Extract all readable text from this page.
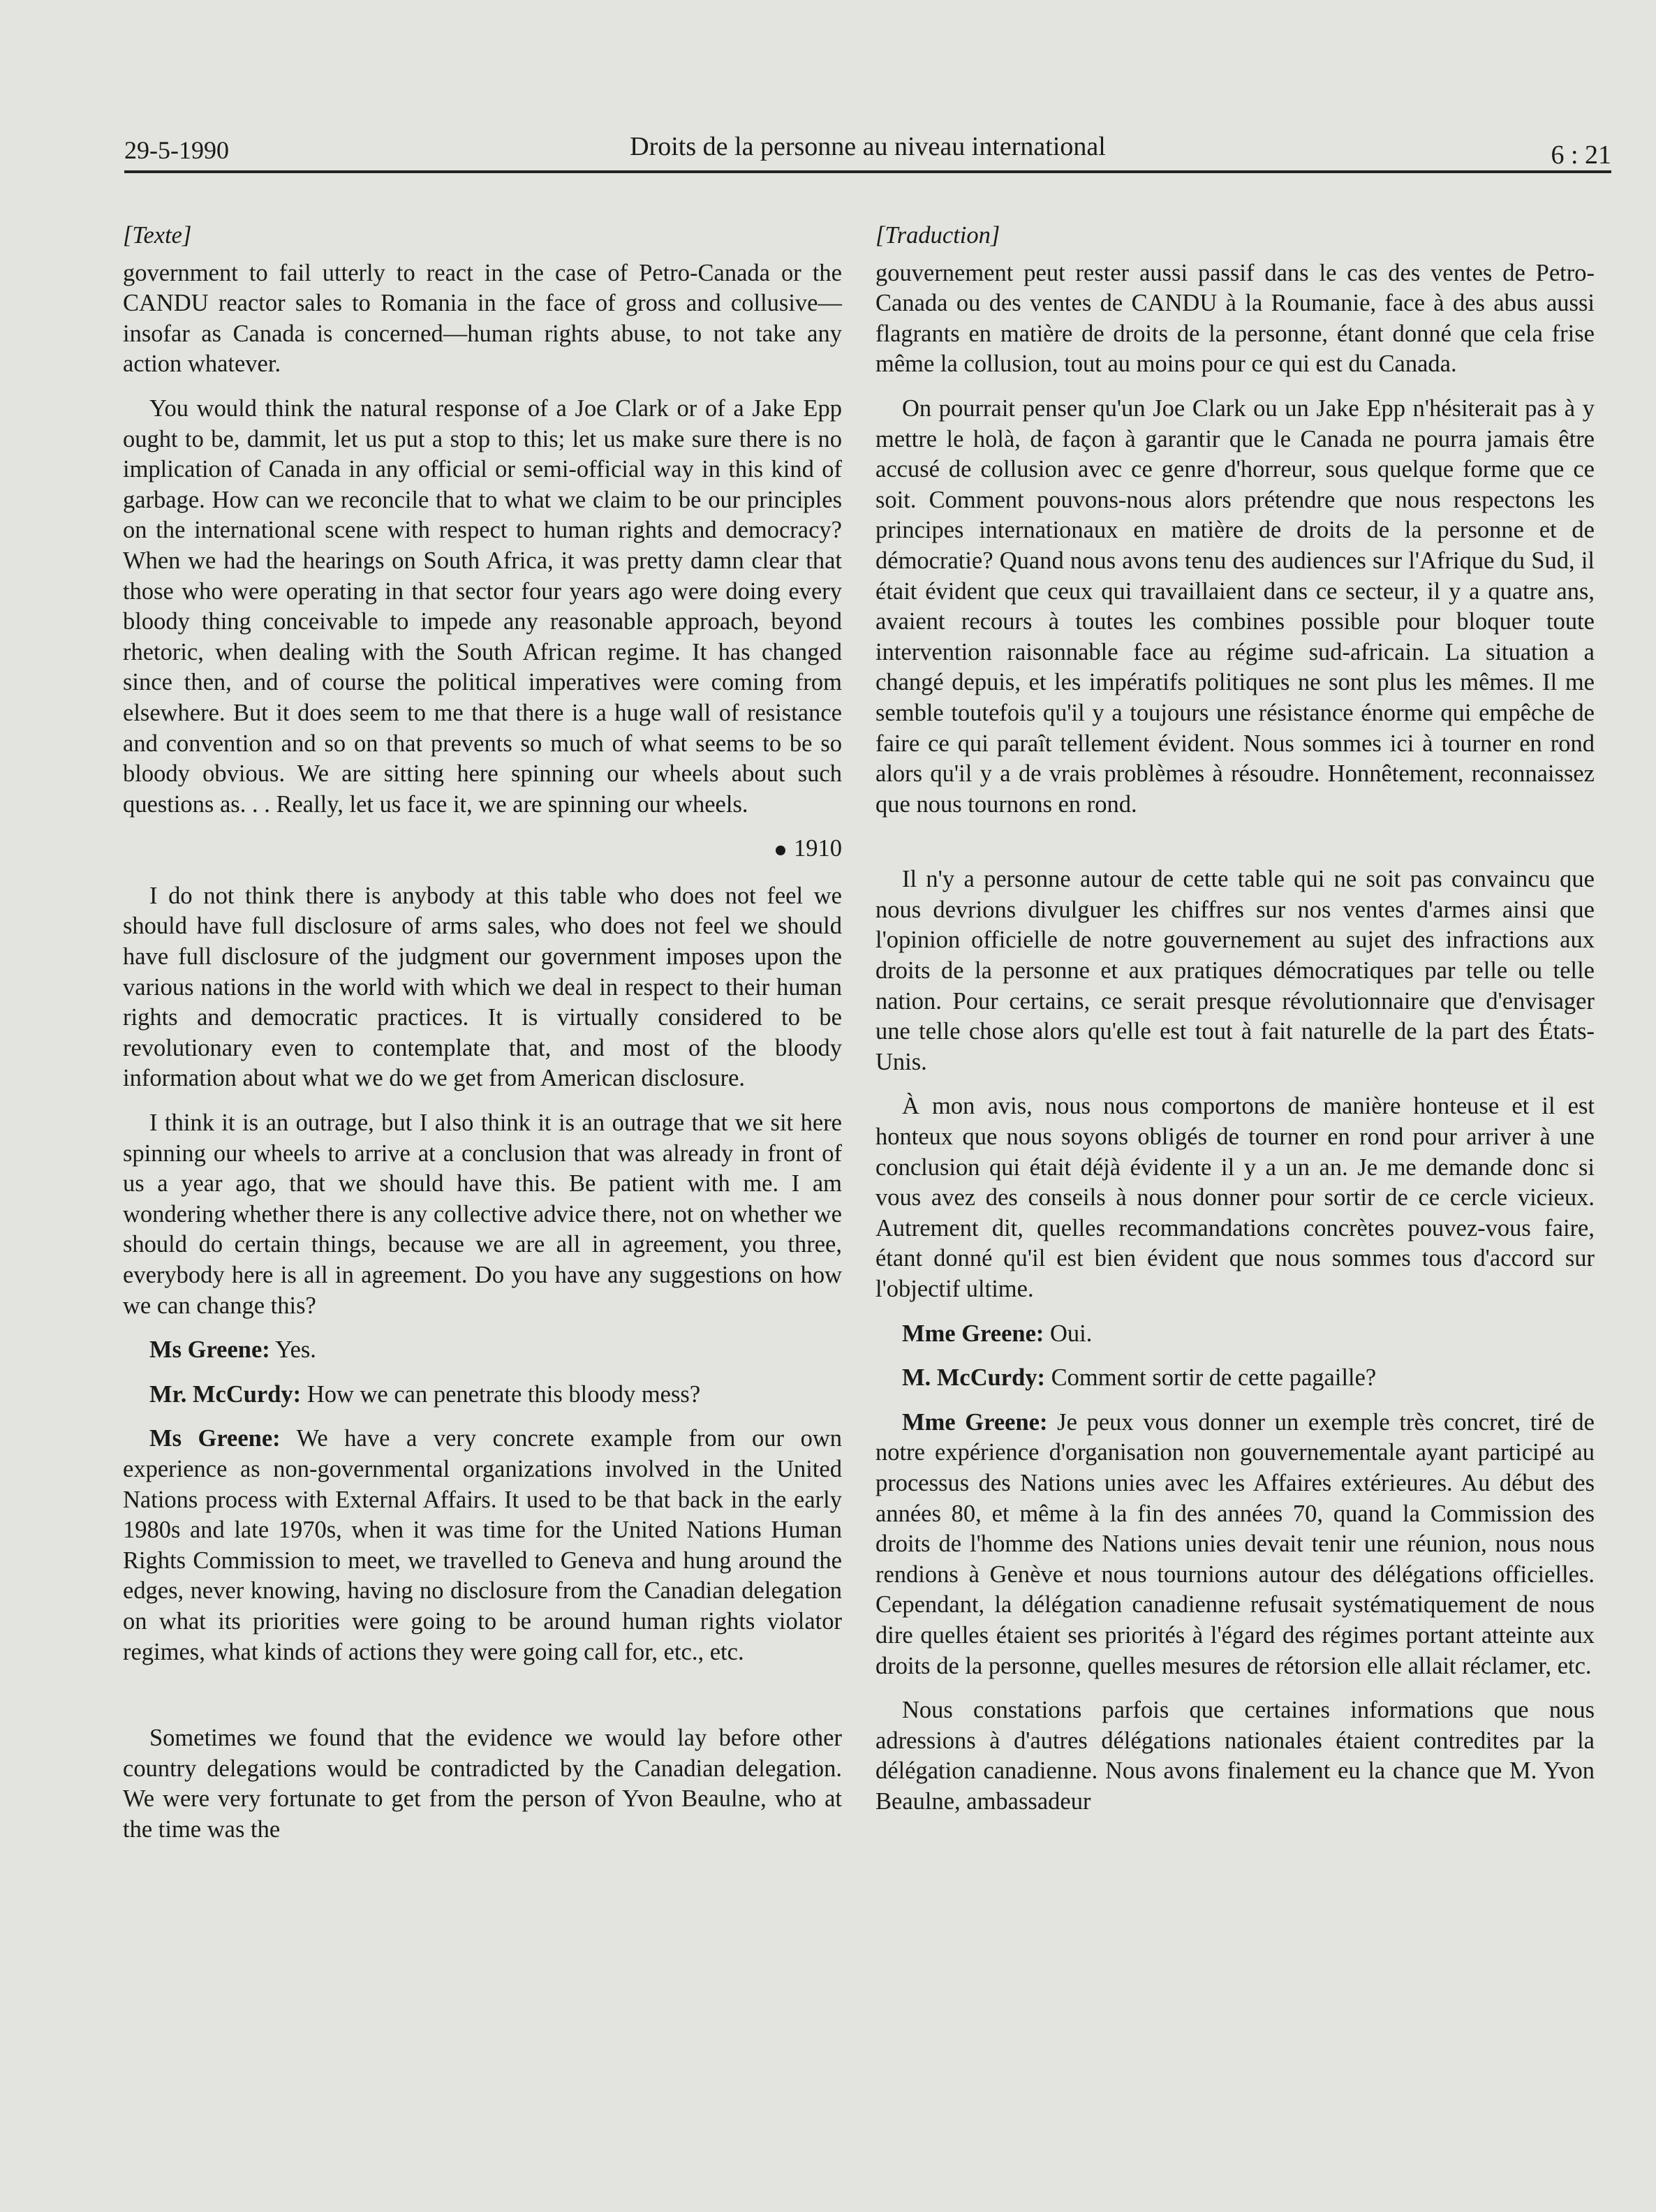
29-5-1990	Droits de la personne au niveau international	6 : 21
[Texte]

government to fail utterly to react in the case of Petro-Canada or the CANDU reactor sales to Romania in the face of gross and collusive—insofar as Canada is concerned—human rights abuse, to not take any action whatever.

You would think the natural response of a Joe Clark or of a Jake Epp ought to be, dammit, let us put a stop to this; let us make sure there is no implication of Canada in any official or semi-official way in this kind of garbage. How can we reconcile that to what we claim to be our principles on the international scene with respect to human rights and democracy? When we had the hearings on South Africa, it was pretty damn clear that those who were operating in that sector four years ago were doing every bloody thing conceivable to impede any reasonable approach, beyond rhetoric, when dealing with the South African regime. It has changed since then, and of course the political imperatives were coming from elsewhere. But it does seem to me that there is a huge wall of resistance and convention and so on that prevents so much of what seems to be so bloody obvious. We are sitting here spinning our wheels about such questions as. . . Really, let us face it, we are spinning our wheels.

1910

I do not think there is anybody at this table who does not feel we should have full disclosure of arms sales, who does not feel we should have full disclosure of the judgment our government imposes upon the various nations in the world with which we deal in respect to their human rights and democratic practices. It is virtually considered to be revolutionary even to contemplate that, and most of the bloody information about what we do we get from American disclosure.

I think it is an outrage, but I also think it is an outrage that we sit here spinning our wheels to arrive at a conclusion that was already in front of us a year ago, that we should have this. Be patient with me. I am wondering whether there is any collective advice there, not on whether we should do certain things, because we are all in agreement, you three, everybody here is all in agreement. Do you have any suggestions on how we can change this?

Ms Greene: Yes.

Mr. McCurdy: How we can penetrate this bloody mess?

Ms Greene: We have a very concrete example from our own experience as non-governmental organizations involved in the United Nations process with External Affairs. It used to be that back in the early 1980s and late 1970s, when it was time for the United Nations Human Rights Commission to meet, we travelled to Geneva and hung around the edges, never knowing, having no disclosure from the Canadian delegation on what its priorities were going to be around human rights violator regimes, what kinds of actions they were going call for, etc., etc.

Sometimes we found that the evidence we would lay before other country delegations would be contradicted by the Canadian delegation. We were very fortunate to get from the person of Yvon Beaulne, who at the time was the

[Traduction]

gouvernement peut rester aussi passif dans le cas des ventes de Petro-Canada ou des ventes de CANDU à la Roumanie, face à des abus aussi flagrants en matière de droits de la personne, étant donné que cela frise même la collusion, tout au moins pour ce qui est du Canada.

On pourrait penser qu'un Joe Clark ou un Jake Epp n'hésiterait pas à y mettre le holà, de façon à garantir que le Canada ne pourra jamais être accusé de collusion avec ce genre d'horreur, sous quelque forme que ce soit. Comment pouvons-nous alors prétendre que nous respectons les principes internationaux en matière de droits de la personne et de démocratie? Quand nous avons tenu des audiences sur l'Afrique du Sud, il était évident que ceux qui travaillaient dans ce secteur, il y a quatre ans, avaient recours à toutes les combines possible pour bloquer toute intervention raisonnable face au régime sud-africain. La situation a changé depuis, et les impératifs politiques ne sont plus les mêmes. Il me semble toutefois qu'il y a toujours une résistance énorme qui empêche de faire ce qui paraît tellement évident. Nous sommes ici à tourner en rond alors qu'il y a de vrais problèmes à résoudre. Honnêtement, reconnaissez que nous tournons en rond.

Il n'y a personne autour de cette table qui ne soit pas convaincu que nous devrions divulguer les chiffres sur nos ventes d'armes ainsi que l'opinion officielle de notre gouvernement au sujet des infractions aux droits de la personne et aux pratiques démocratiques par telle ou telle nation. Pour certains, ce serait presque révolutionnaire que d'envisager une telle chose alors qu'elle est tout à fait naturelle de la part des États-Unis.

À mon avis, nous nous comportons de manière honteuse et il est honteux que nous soyons obligés de tourner en rond pour arriver à une conclusion qui était déjà évidente il y a un an. Je me demande donc si vous avez des conseils à nous donner pour sortir de ce cercle vicieux. Autrement dit, quelles recommandations concrètes pouvez-vous faire, étant donné qu'il est bien évident que nous sommes tous d'accord sur l'objectif ultime.

Mme Greene: Oui.

M. McCurdy: Comment sortir de cette pagaille?

Mme Greene: Je peux vous donner un exemple très concret, tiré de notre expérience d'organisation non gouvernementale ayant participé au processus des Nations unies avec les Affaires extérieures. Au début des années 80, et même à la fin des années 70, quand la Commission des droits de l'homme des Nations unies devait tenir une réunion, nous nous rendions à Genève et nous tournions autour des délégations officielles. Cependant, la délégation canadienne refusait systématiquement de nous dire quelles étaient ses priorités à l'égard des régimes portant atteinte aux droits de la personne, quelles mesures de rétorsion elle allait réclamer, etc.

Nous constations parfois que certaines informations que nous adressions à d'autres délégations nationales étaient contredites par la délégation canadienne. Nous avons finalement eu la chance que M. Yvon Beaulne, ambassadeur
